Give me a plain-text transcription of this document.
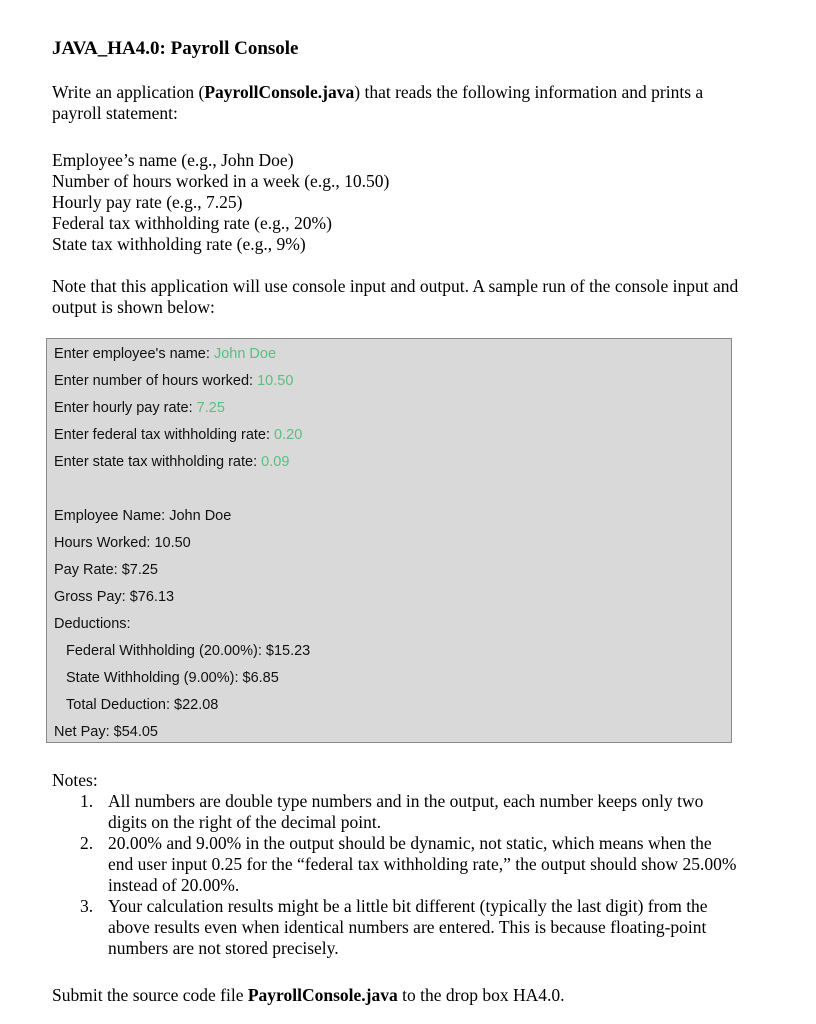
JAVA_HA4.0: Payroll Console
Write an application (PayrollConsole.java) that reads the following information and prints a payroll statement:
Employee’s name (e.g., John Doe)
Number of hours worked in a week (e.g., 10.50)
Hourly pay rate (e.g., 7.25)
Federal tax withholding rate (e.g., 20%)
State tax withholding rate (e.g., 9%)
Note that this application will use console input and output. A sample run of the console input and output is shown below:
Enter employee's name: John Doe
Enter number of hours worked: 10.50
Enter hourly pay rate: 7.25
Enter federal tax withholding rate: 0.20
Enter state tax withholding rate: 0.09
Employee Name: John Doe
Hours Worked: 10.50
Pay Rate: $7.25
Gross Pay: $76.13
Deductions:
Federal Withholding (20.00%): $15.23
State Withholding (9.00%): $6.85
Total Deduction: $22.08
Net Pay: $54.05
Notes:
1. All numbers are double type numbers and in the output, each number keeps only two digits on the right of the decimal point.
2. 20.00% and 9.00% in the output should be dynamic, not static, which means when the end user input 0.25 for the “federal tax withholding rate,” the output should show 25.00% instead of 20.00%.
3. Your calculation results might be a little bit different (typically the last digit) from the above results even when identical numbers are entered. This is because floating-point numbers are not stored precisely.
Submit the source code file PayrollConsole.java to the drop box HA4.0.
